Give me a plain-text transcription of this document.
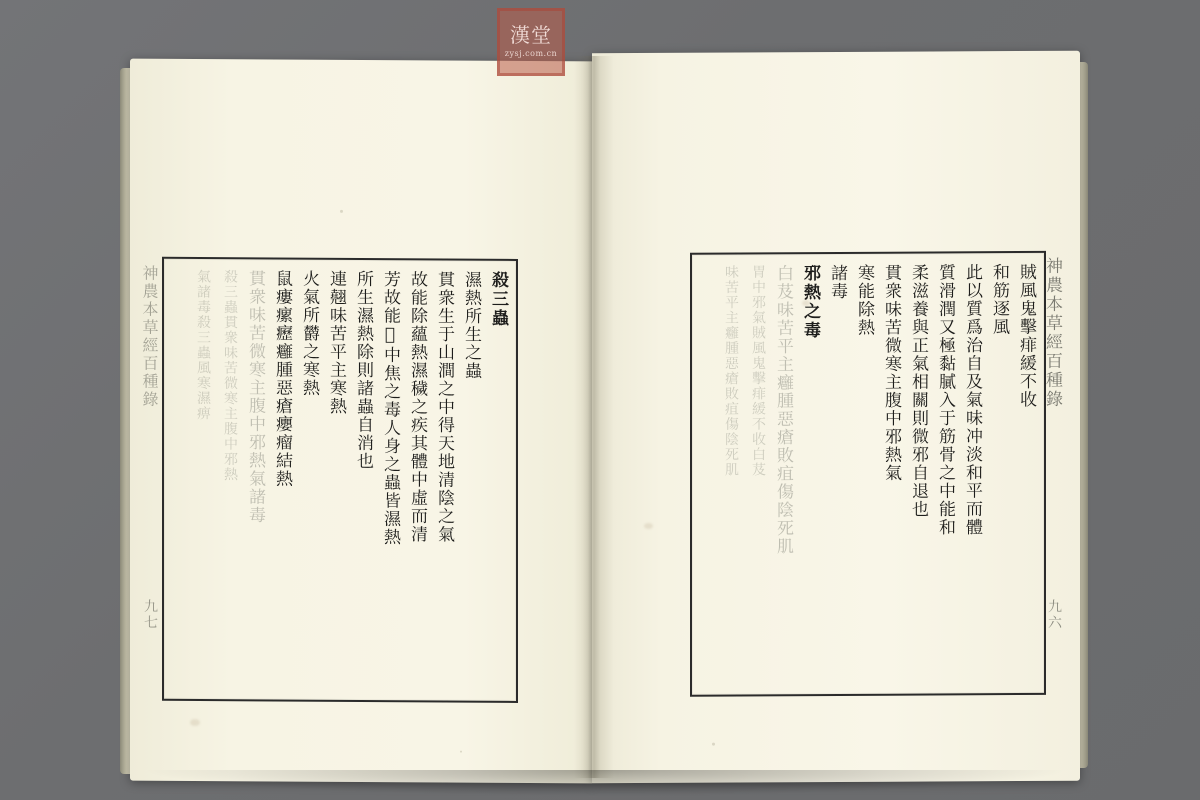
神農本草經百種錄
九七
殺三蟲
濕熱所生之蟲
貫衆生于山澗之中得天地清陰之氣
故能除蘊熱濕穢之疾其體中虛而清
芳故能𤃍中焦之毒人身之蟲皆濕熱
所生濕熱除則諸蟲自消也
連翹味苦平主寒熱
火氣所欝之寒熱
鼠瘻瘰癧癰腫惡瘡癭瘤結熱
貫衆味苦微寒主腹中邪熱氣諸毒
殺三蟲貫衆味苦微寒主腹中邪熱
氣諸毒殺三蟲風寒濕痹	賊風鬼擊痱緩不收
和筋逐風
此以質爲治自及氣味冲淡和平而體
質滑潤又極黏膩入于筋骨之中能和
柔滋養與正氣相關則微邪自退也
貫衆味苦微寒主腹中邪熱氣
寒能除熱
諸毒
邪熱之毒
白芨味苦平主癰腫惡瘡敗疽傷陰死肌
胃中邪氣賊風鬼擊痱緩不收白芨
味苦平主癰腫惡瘡敗疽傷陰死肌	神農本草經百種錄
九六
漢堂
zysj.com.cn
